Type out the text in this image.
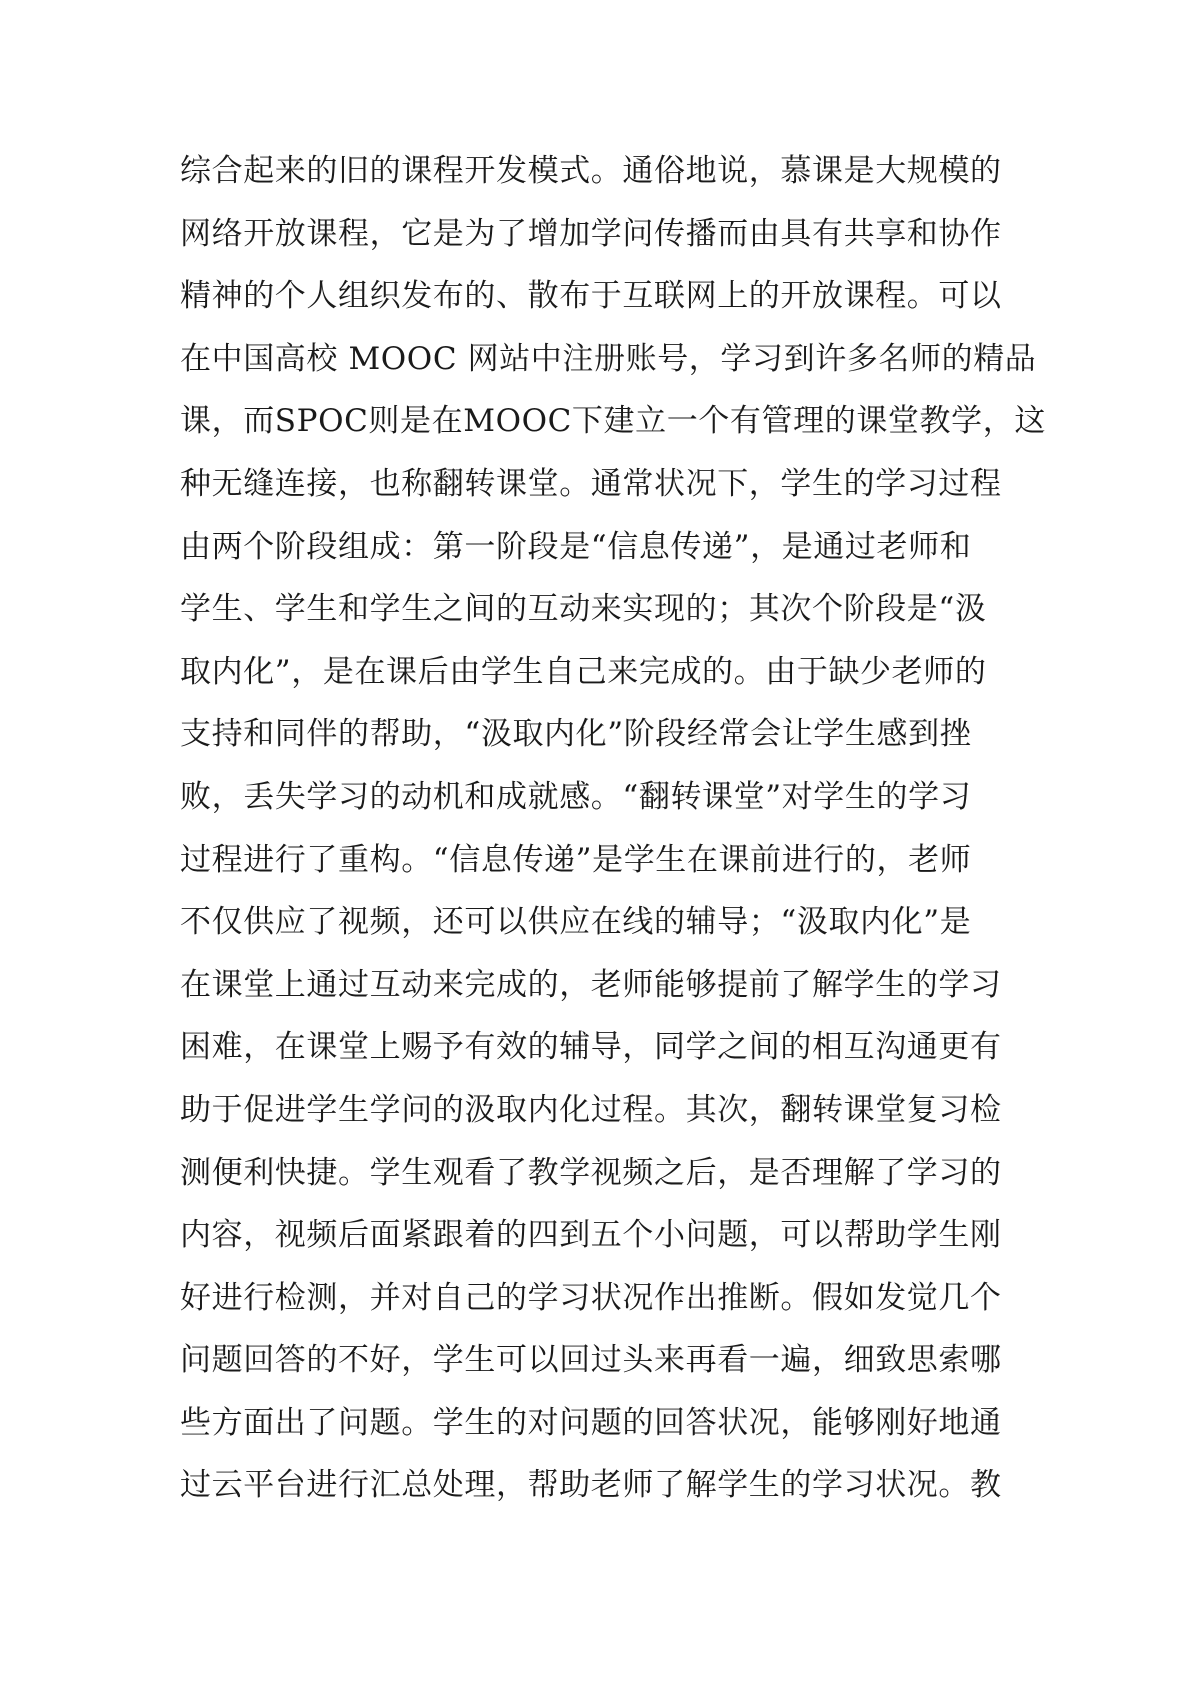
综合起来的旧的课程开发模式。通俗地说，慕课是大规模的
网络开放课程，它是为了增加学问传播而由具有共享和协作
精神的个人组织发布的、散布于互联网上的开放课程。可以
在中国高校 MOOC 网站中注册账号，学习到许多名师的精品
课，而SPOC则是在MOOC下建立一个有管理的课堂教学，这
种无缝连接，也称翻转课堂。通常状况下，学生的学习过程
由两个阶段组成：第一阶段是“信息传递”，是通过老师和
学生、学生和学生之间的互动来实现的；其次个阶段是“汲
取内化”，是在课后由学生自己来完成的。由于缺少老师的
支持和同伴的帮助，“汲取内化”阶段经常会让学生感到挫
败，丢失学习的动机和成就感。“翻转课堂”对学生的学习
过程进行了重构。“信息传递”是学生在课前进行的，老师
不仅供应了视频，还可以供应在线的辅导；“汲取内化”是
在课堂上通过互动来完成的，老师能够提前了解学生的学习
困难，在课堂上赐予有效的辅导，同学之间的相互沟通更有
助于促进学生学问的汲取内化过程。其次，翻转课堂复习检
测便利快捷。学生观看了教学视频之后，是否理解了学习的
内容，视频后面紧跟着的四到五个小问题，可以帮助学生刚
好进行检测，并对自己的学习状况作出推断。假如发觉几个
问题回答的不好，学生可以回过头来再看一遍，细致思索哪
些方面出了问题。学生的对问题的回答状况，能够刚好地通
过云平台进行汇总处理，帮助老师了解学生的学习状况。教
